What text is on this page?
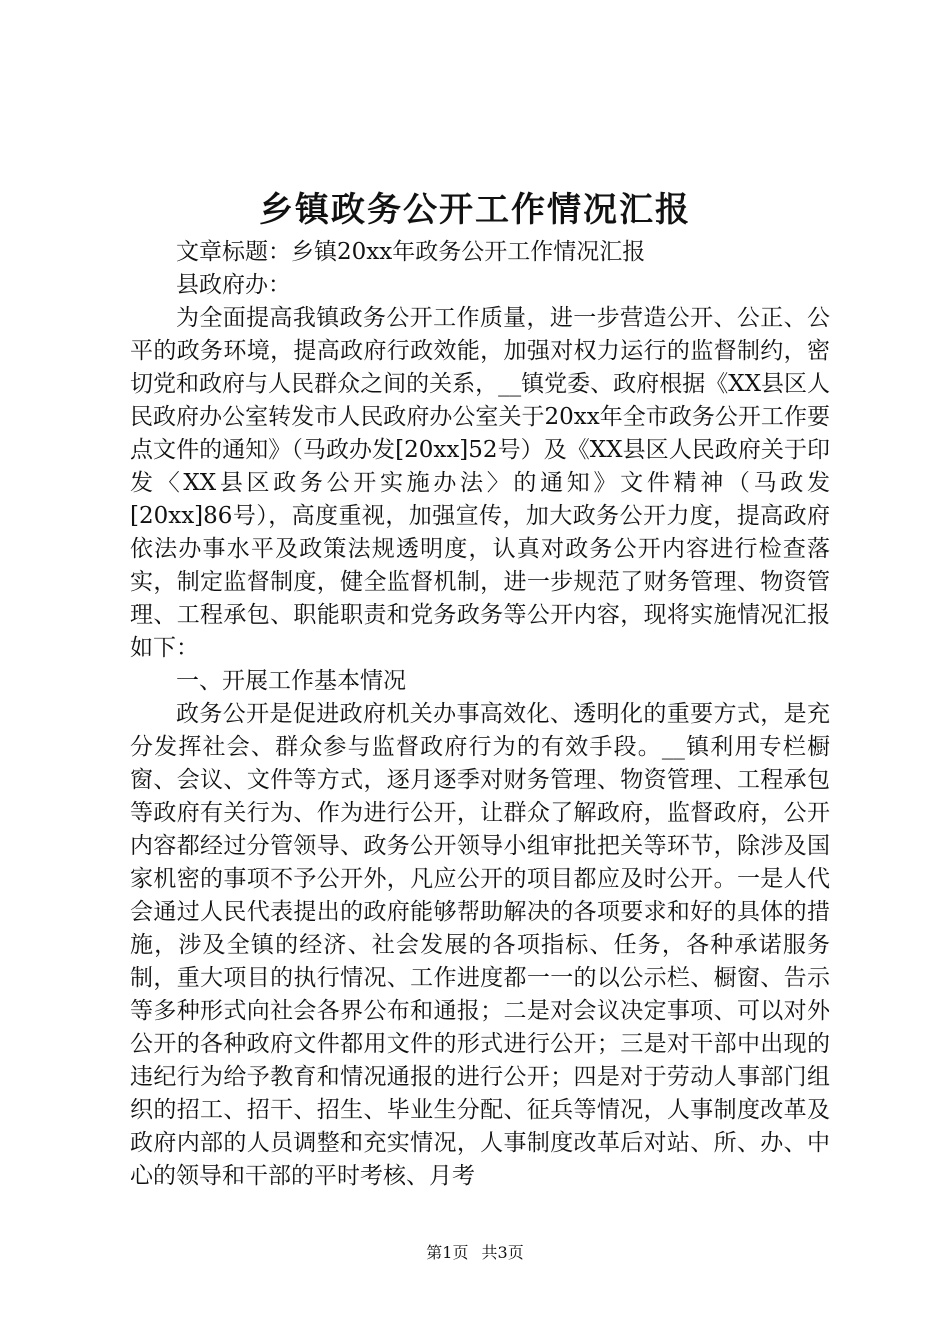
乡镇政务公开工作情况汇报

文章标题：乡镇20xx年政务公开工作情况汇报

县政府办：

为全面提高我镇政务公开工作质量，进一步营造公开、公正、公平的政务环境，提高政府行政效能，加强对权力运行的监督制约，密切党和政府与人民群众之间的关系，__镇党委、政府根据《XX县区人民政府办公室转发市人民政府办公室关于20xx年全市政务公开工作要点文件的通知》（马政办发[20xx]52号）及《XX县区人民政府关于印发〈XX县区政务公开实施办法〉的通知》文件精神（马政发[20xx]86号），高度重视，加强宣传，加大政务公开力度，提高政府依法办事水平及政策法规透明度，认真对政务公开内容进行检查落实，制定监督制度，健全监督机制，进一步规范了财务管理、物资管理、工程承包、职能职责和党务政务等公开内容，现将实施情况汇报如下：

一、开展工作基本情况

政务公开是促进政府机关办事高效化、透明化的重要方式，是充分发挥社会、群众参与监督政府行为的有效手段。__镇利用专栏橱窗、会议、文件等方式，逐月逐季对财务管理、物资管理、工程承包等政府有关行为、作为进行公开，让群众了解政府，监督政府，公开内容都经过分管领导、政务公开领导小组审批把关等环节，除涉及国家机密的事项不予公开外，凡应公开的项目都应及时公开。一是人代会通过人民代表提出的政府能够帮助解决的各项要求和好的具体的措施，涉及全镇的经济、社会发展的各项指标、任务，各种承诺服务制，重大项目的执行情况、工作进度都一一的以公示栏、橱窗、告示等多种形式向社会各界公布和通报；二是对会议决定事项、可以对外公开的各种政府文件都用文件的形式进行公开；三是对干部中出现的违纪行为给予教育和情况通报的进行公开；四是对于劳动人事部门组织的招工、招干、招生、毕业生分配、征兵等情况，人事制度改革及政府内部的人员调整和充实情况，人事制度改革后对站、所、办、中心的领导和干部的平时考核、月考

第1页 共3页
